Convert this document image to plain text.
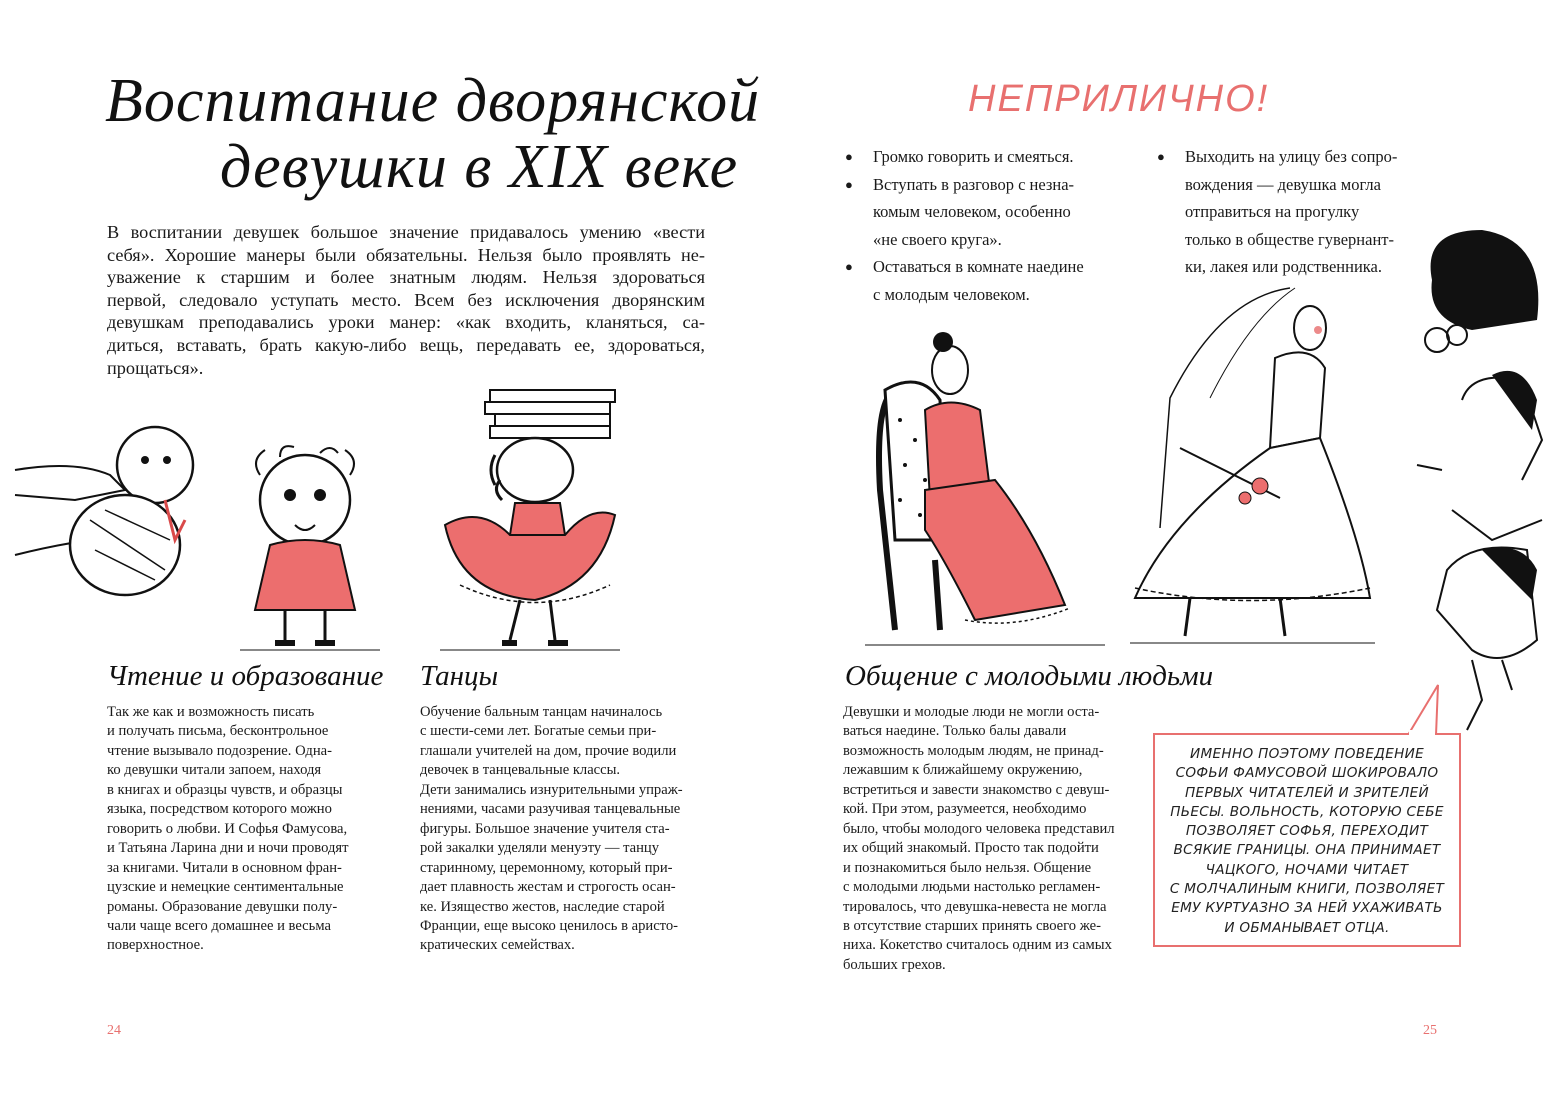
Воспитание дворянской
девушки в XIX веке
В воспитании девушек большое значение придавалось умению «вести
себя». Хорошие манеры были обязательны. Нельзя было проявлять не-
уважение к старшим и более знатным людям. Нельзя здороваться
первой, следовало уступать место. Всем без исключения дворянским
девушкам преподавались уроки манер: «как входить, кланяться, са-
диться, вставать, брать какую-либо вещь, передавать ее, здороваться,
прощаться».
Чтение и образование Танцы	Общение с молодыми людьми
Так же как и возможность писать
и получать письма, бесконтрольное
чтение вызывало подозрение. Одна-
ко девушки читали запоем, находя
в книгах и образцы чувств, и образцы
языка, посредством которого можно
говорить о любви. И Софья Фамусова,
и Татьяна Ларина дни и ночи проводят
за книгами. Читали в основном фран-
цузские и немецкие сентиментальные
романы. Образование девушки полу-
чали чаще всего домашнее и весьма
поверхностное.
Обучение бальным танцам начиналось
с шести-семи лет. Богатые семьи при-
глашали учителей на дом, прочие водили
девочек в танцевальные классы.
Дети занимались изнурительными упраж-
нениями, часами разучивая танцевальные
фигуры. Большое значение учителя ста-
рой закалки уделяли менуэту — танцу
старинному, церемонному, который при-
дает плавность жестам и строгость осан-
ке. Изящество жестов, наследие старой
Франции, еще высоко ценилось в аристо-
кратических семействах.
Девушки и молодые люди не могли оста-
ваться наедине. Только балы давали
возможность молодым людям, не принад-
лежавшим к ближайшему окружению,
встретиться и завести знакомство с девуш-
кой. При этом, разумеется, необходимо
было, чтобы молодого человека представил
их общий знакомый. Просто так подойти
и познакомиться было нельзя. Общение
с молодыми людьми настолько регламен-
тировалось, что девушка-невеста не могла
в отсутствие старших принять своего же-
ниха. Кокетство считалось одним из самых
больших грехов.
НЕПРИЛИЧНО!
● Громко говорить и смеяться.
● Вступать в разговор с незна-
комым человеком, особенно
«не своего круга».
● Оставаться в комнате наедине
с молодым человеком.
● Выходить на улицу без сопро-
вождения — девушка могла
отправиться на прогулку
только в обществе гувернант-
ки, лакея или родственника.
ИМЕННО ПОЭТОМУ ПОВЕДЕНИЕ
СОФЬИ ФАМУСОВОЙ ШОКИРОВАЛО
ПЕРВЫХ ЧИТАТЕЛЕЙ И ЗРИТЕЛЕЙ
ПЬЕСЫ. ВОЛЬНОСТЬ, КОТОРУЮ СЕБЕ
ПОЗВОЛЯЕТ СОФЬЯ, ПЕРЕХОДИТ
ВСЯКИЕ ГРАНИЦЫ. ОНА ПРИНИМАЕТ
ЧАЦКОГО, НОЧАМИ ЧИТАЕТ
С МОЛЧАЛИНЫМ КНИГИ, ПОЗВОЛЯЕТ
ЕМУ КУРТУАЗНО ЗА НЕЙ УХАЖИВАТЬ
И ОБМАНЫВАЕТ ОТЦА.
24	25
